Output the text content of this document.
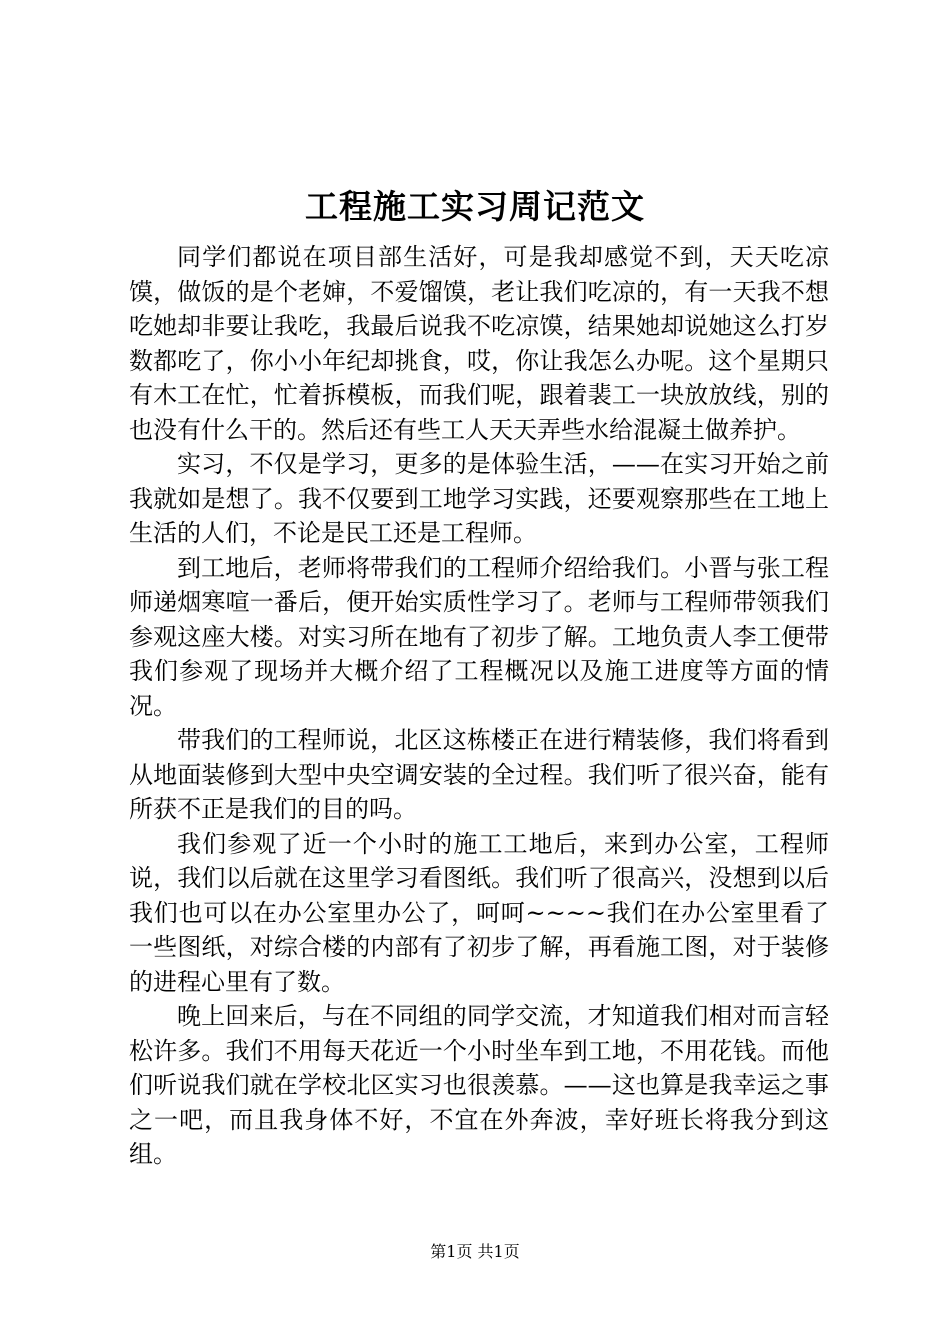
工程施工实习周记范文

同学们都说在项目部生活好，可是我却感觉不到，天天吃凉馍，做饭的是个老婶，不爱馏馍，老让我们吃凉的，有一天我不想吃她却非要让我吃，我最后说我不吃凉馍，结果她却说她这么打岁数都吃了，你小小年纪却挑食，哎，你让我怎么办呢。这个星期只有木工在忙，忙着拆模板，而我们呢，跟着裴工一块放放线，别的也没有什么干的。然后还有些工人天天弄些水给混凝土做养护。

实习，不仅是学习，更多的是体验生活，——在实习开始之前我就如是想了。我不仅要到工地学习实践，还要观察那些在工地上生活的人们，不论是民工还是工程师。

到工地后，老师将带我们的工程师介绍给我们。小晋与张工程师递烟寒喧一番后，便开始实质性学习了。老师与工程师带领我们参观这座大楼。对实习所在地有了初步了解。工地负责人李工便带我们参观了现场并大概介绍了工程概况以及施工进度等方面的情况。

带我们的工程师说，北区这栋楼正在进行精装修，我们将看到从地面装修到大型中央空调安装的全过程。我们听了很兴奋，能有所获不正是我们的目的吗。

我们参观了近一个小时的施工工地后，来到办公室，工程师说，我们以后就在这里学习看图纸。我们听了很高兴，没想到以后我们也可以在办公室里办公了，呵呵~~~~我们在办公室里看了一些图纸，对综合楼的内部有了初步了解，再看施工图，对于装修的进程心里有了数。

晚上回来后，与在不同组的同学交流，才知道我们相对而言轻松许多。我们不用每天花近一个小时坐车到工地，不用花钱。而他们听说我们就在学校北区实习也很羡慕。——这也算是我幸运之事之一吧，而且我身体不好，不宜在外奔波，幸好班长将我分到这组。

第1页 共1页
